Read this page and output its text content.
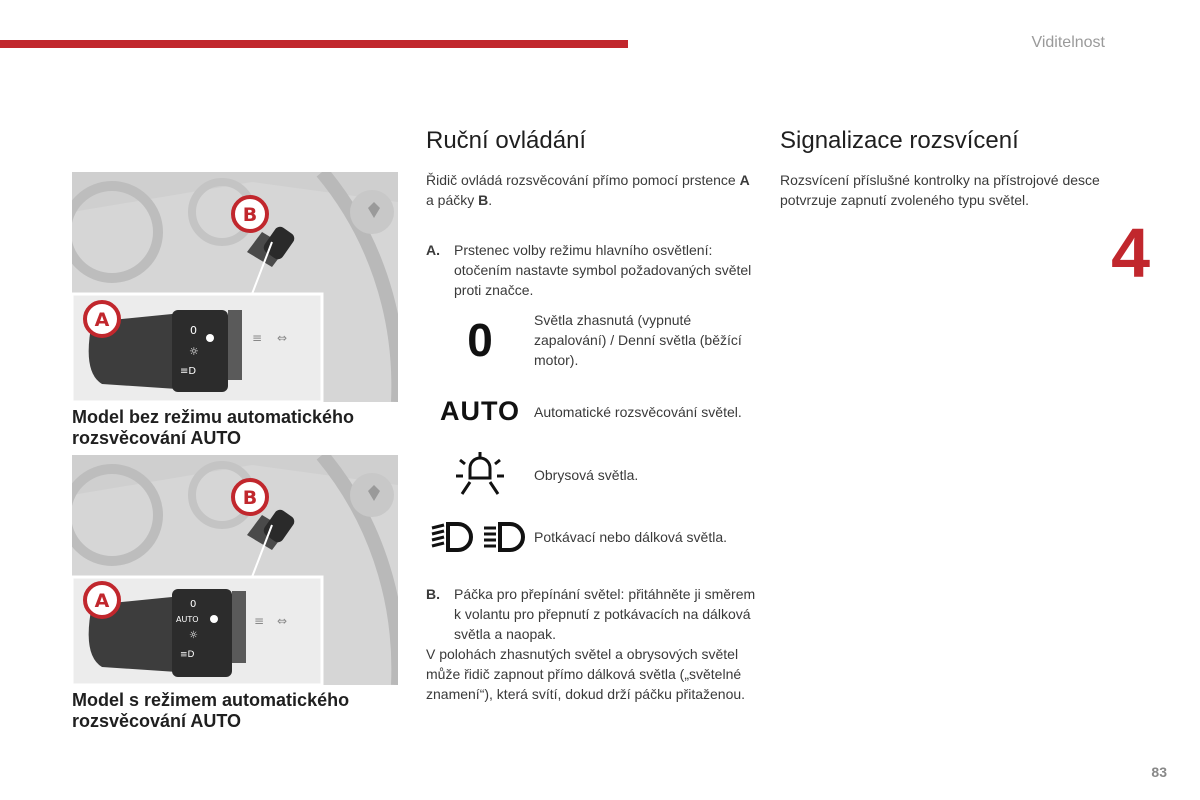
Viditelnost
4
83
0
☼
≡D
≡ ⇔
A
B
Model bez režimu automatického rozsvěcování AUTO
0
AUTO
☼
≡D
≡ ⇔
A
B
Model s režimem automatického rozsvěcování AUTO
Ruční ovládání

Řidič ovládá rozsvěcování přímo pomocí prstence A a páčky B.

A.	Prstenec volby režimu hlavního osvětlení: otočením nastavte symbol požadovaných světel proti značce.
0	Světla zhasnutá (vypnuté zapalování) / Denní světla (běžící motor).
AUTO Automatické rozsvěcování světel.
Obrysová světla.
Potkávací nebo dálková světla.
B.	Páčka pro přepínání světel: přitáhněte ji směrem k volantu pro přepnutí z potkávacích na dálková světla a naopak.

V polohách zhasnutých světel a obrysových světel může řidič zapnout přímo dálková světla („světelné znamení“), která svítí, dokud drží páčku přitaženou.

Signalizace rozsvícení

Rozsvícení příslušné kontrolky na přístrojové desce potvrzuje zapnutí zvoleného typu světel.
